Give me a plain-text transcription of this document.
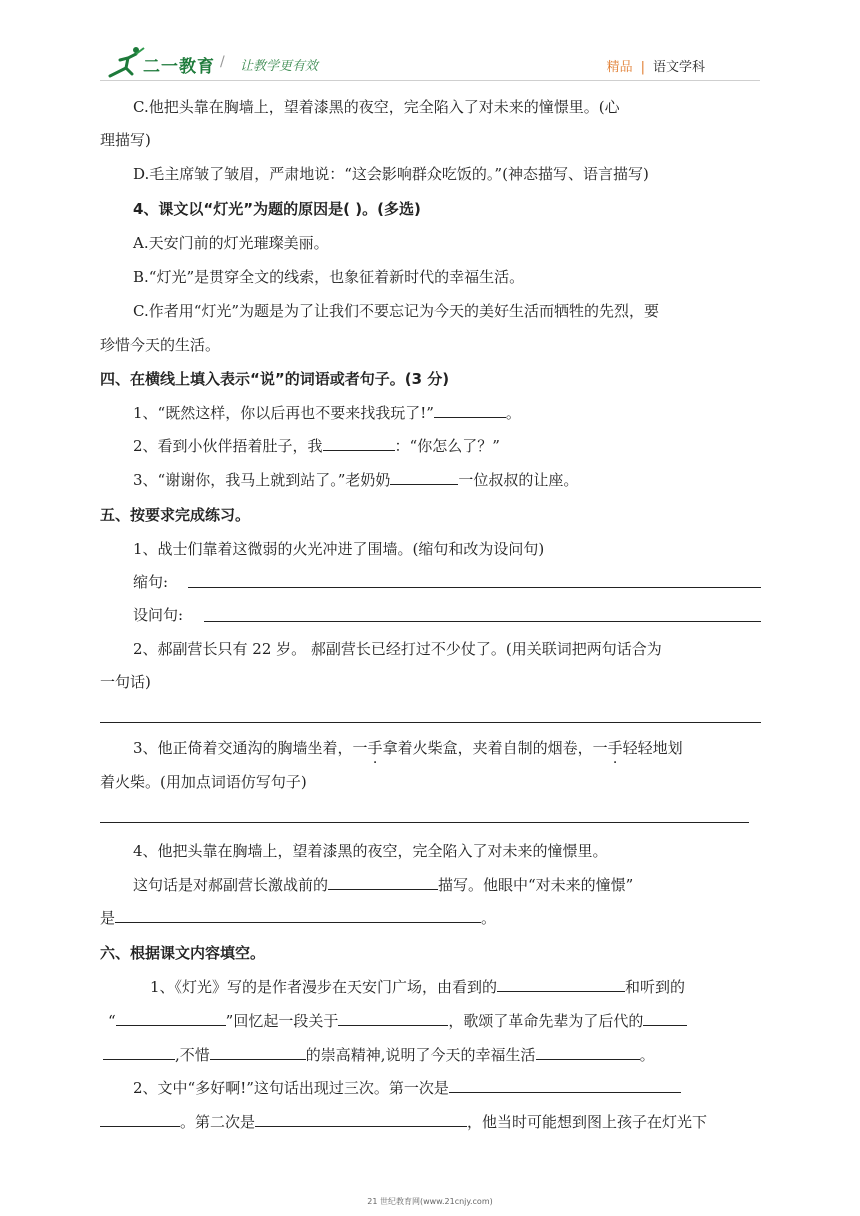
二一教育 / 让教学更有效	精品 | 语文学科
C.他把头靠在胸墙上，望着漆黑的夜空，完全陷入了对未来的憧憬里。(心
理描写)
D.毛主席皱了皱眉，严肃地说：“这会影响群众吃饭的。”(神态描写、语言描写)
4、课文以“灯光”为题的原因是( )。(多选)
A.天安门前的灯光璀璨美丽。
B.“灯光”是贯穿全文的线索，也象征着新时代的幸福生活。
C.作者用“灯光”为题是为了让我们不要忘记为今天的美好生活而牺牲的先烈，要
珍惜今天的生活。
四、在横线上填入表示“说”的词语或者句子。(3 分)
1、“既然这样，你以后再也不要来找我玩了!”	。
2、看到小伙伴捂着肚子，我	：“你怎么了？”
3、“谢谢你，我马上就到站了。”老奶奶	一位叔叔的让座。
五、按要求完成练习。
1、战士们靠着这微弱的火光冲进了围墙。(缩句和改为设问句)
缩句:
设问句:
2、郝副营长只有 22 岁。 郝副营长已经打过不少仗了。(用关联词把两句话合为
一句话)
3、他正倚着交通沟的胸墙坐着，一手拿着火柴盒，夹着自制的烟卷，一手轻轻地划
着火柴。(用加点词语仿写句子)
4、他把头靠在胸墙上，望着漆黑的夜空，完全陷入了对未来的憧憬里。
这句话是对郝副营长激战前的	描写。他眼中“对未来的憧憬”
是	。
六、根据课文内容填空。
1、《灯光》写的是作者漫步在天安门广场，由看到的	和听到的
“	”回忆起一段关于	，歌颂了革命先辈为了后代的
,不惜	的崇高精神,说明了今天的幸福生活	。
2、文中“多好啊!”这句话出现过三次。第一次是
。第二次是	，他当时可能想到图上孩子在灯光下
21 世纪教育网(www.21cnjy.com)
